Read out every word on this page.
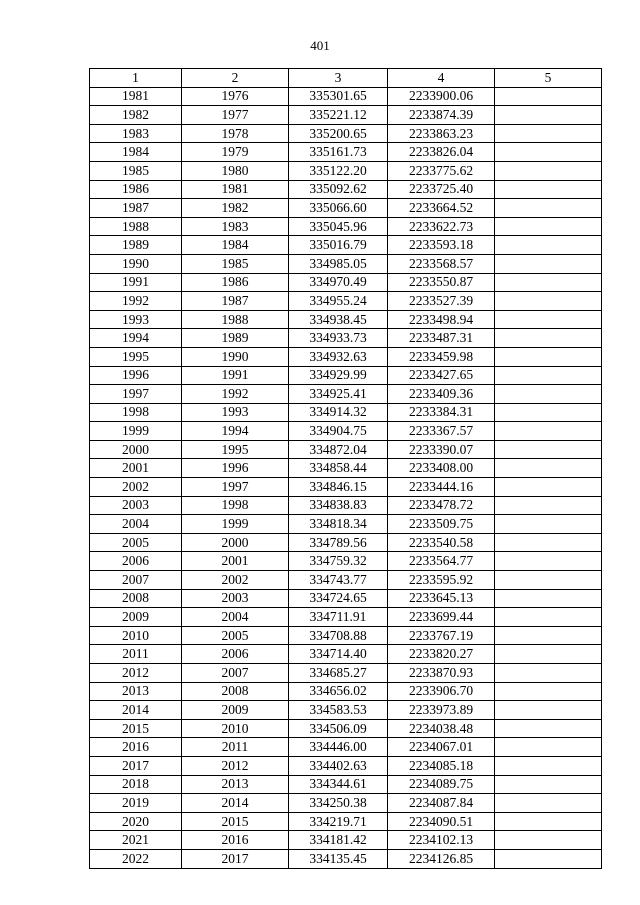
401
1	2	3	4	5
1981	1976	335301.65	2233900.06	
1982	1977	335221.12	2233874.39	
1983	1978	335200.65	2233863.23	
1984	1979	335161.73	2233826.04	
1985	1980	335122.20	2233775.62	
1986	1981	335092.62	2233725.40	
1987	1982	335066.60	2233664.52	
1988	1983	335045.96	2233622.73	
1989	1984	335016.79	2233593.18	
1990	1985	334985.05	2233568.57	
1991	1986	334970.49	2233550.87	
1992	1987	334955.24	2233527.39	
1993	1988	334938.45	2233498.94	
1994	1989	334933.73	2233487.31	
1995	1990	334932.63	2233459.98	
1996	1991	334929.99	2233427.65	
1997	1992	334925.41	2233409.36	
1998	1993	334914.32	2233384.31	
1999	1994	334904.75	2233367.57	
2000	1995	334872.04	2233390.07	
2001	1996	334858.44	2233408.00	
2002	1997	334846.15	2233444.16	
2003	1998	334838.83	2233478.72	
2004	1999	334818.34	2233509.75	
2005	2000	334789.56	2233540.58	
2006	2001	334759.32	2233564.77	
2007	2002	334743.77	2233595.92	
2008	2003	334724.65	2233645.13	
2009	2004	334711.91	2233699.44	
2010	2005	334708.88	2233767.19	
2011	2006	334714.40	2233820.27	
2012	2007	334685.27	2233870.93	
2013	2008	334656.02	2233906.70	
2014	2009	334583.53	2233973.89	
2015	2010	334506.09	2234038.48	
2016	2011	334446.00	2234067.01	
2017	2012	334402.63	2234085.18	
2018	2013	334344.61	2234089.75	
2019	2014	334250.38	2234087.84	
2020	2015	334219.71	2234090.51	
2021	2016	334181.42	2234102.13	
2022	2017	334135.45	2234126.85	
